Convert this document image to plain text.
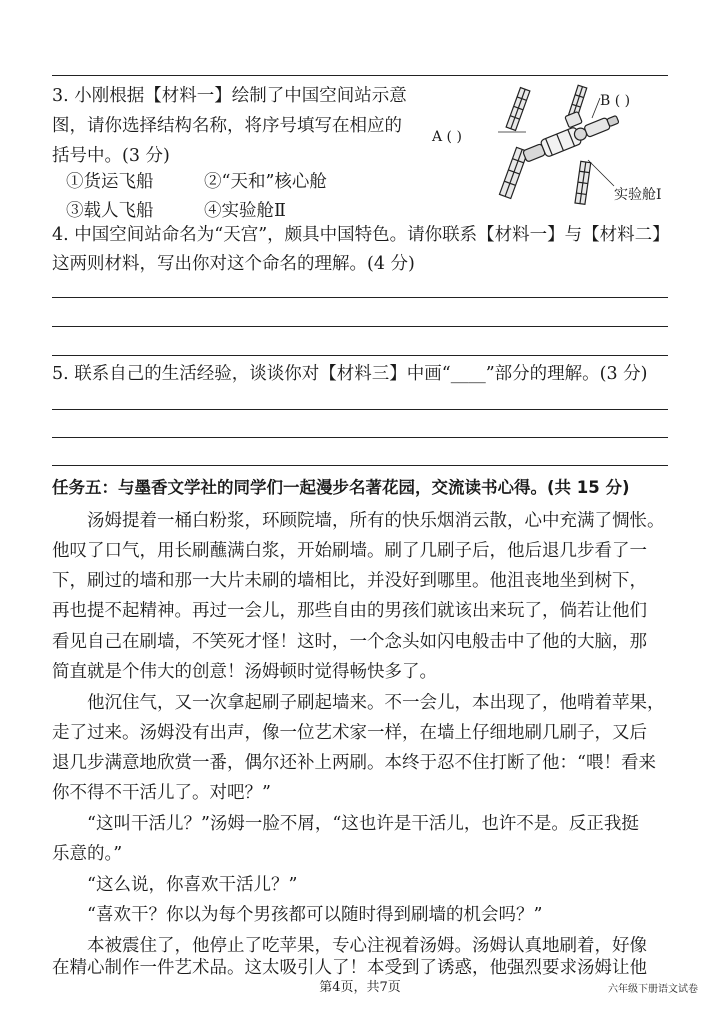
3. 小刚根据【材料一】绘制了中国空间站示意
图，请你选择结构名称，将序号填写在相应的
括号中。(3 分)
①货运飞船	②“天和”核心舱
③载人飞船	④实验舱Ⅱ
A ( )
B ( )
实验舱Ⅰ
4. 中国空间站命名为“天宫”，颇具中国特色。请你联系【材料一】与【材料二】
这两则材料，写出你对这个命名的理解。(4 分)
5. 联系自己的生活经验，谈谈你对【材料三】中画“____”部分的理解。(3 分)
任务五：与墨香文学社的同学们一起漫步名著花园，交流读书心得。(共 15 分)
　　汤姆提着一桶白粉浆，环顾院墙，所有的快乐烟消云散，心中充满了惆怅。
他叹了口气，用长刷蘸满白浆，开始刷墙。刷了几刷子后，他后退几步看了一
下，刷过的墙和那一大片未刷的墙相比，并没好到哪里。他沮丧地坐到树下，
再也提不起精神。再过一会儿，那些自由的男孩们就该出来玩了，倘若让他们
看见自己在刷墙，不笑死才怪！这时，一个念头如闪电般击中了他的大脑，那
简直就是个伟大的创意！汤姆顿时觉得畅快多了。
　　他沉住气，又一次拿起刷子刷起墙来。不一会儿，本出现了，他啃着苹果，
走了过来。汤姆没有出声，像一位艺术家一样，在墙上仔细地刷几刷子，又后
退几步满意地欣赏一番，偶尔还补上两刷。本终于忍不住打断了他：“喂！看来
你不得不干活儿了。对吧？”
　　“这叫干活儿？”汤姆一脸不屑，“这也许是干活儿，也许不是。反正我挺
乐意的。”
　　“这么说，你喜欢干活儿？”
　　“喜欢干？你以为每个男孩都可以随时得到刷墙的机会吗？”
　　本被震住了，他停止了吃苹果，专心注视着汤姆。汤姆认真地刷着，好像
在精心制作一件艺术品。这太吸引人了！本受到了诱惑，他强烈要求汤姆让他
第4页，共7页	六年级下册语文试卷
